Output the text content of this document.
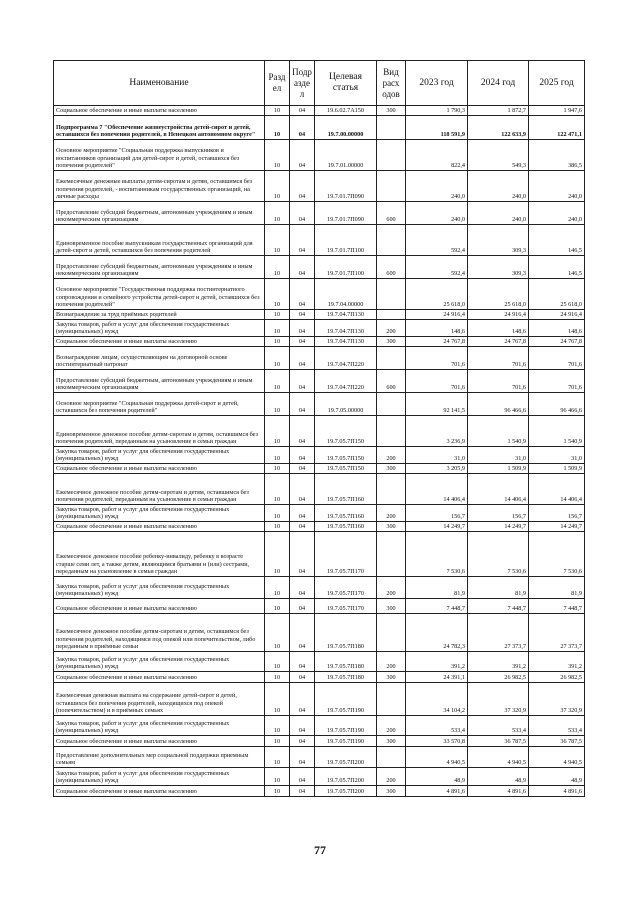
Наименование	Разд ел	Подр азде л	Целевая статья	Вид расх одов	2023 год	2024 год	2025 год
Социальное обеспечение и иные выплаты населению	10	04	19.6.02.7A150	300	1 790,3	1 872,7	1 947,6
Подпрограмма 7 "Обеспечение жизнеустройства детей-сирот и детей, оставшихся без попечения родителей, в Ненецком автономном округе"	10	04	19.7.00.00000		118 591,9	122 633,9	122 471,1
Основное мероприятие "Социальная поддержка выпускников и воспитанников организаций для детей-сирот и детей, оставшихся без попечения родителей"	10	04	19.7.01.00000		822,4	549,3	386,5
Ежемесячные денежные выплаты детям-сиротам и детям, оставшимся без попечения родителей, - воспитанникам государственных организаций, на личные расходы	10	04	19.7.01.7П090		240,0	240,0	240,0
Предоставление субсидий бюджетным, автономным учреждениям и иным некоммерческим организациям	10	04	19.7.01.7П090	600	240,0	240,0	240,0
Единовременное пособие выпускникам государственных организаций для детей-сирот и детей, оставшихся без попечения родителей	10	04	19.7.01.7П100		592,4	309,3	146,5
Предоставление субсидий бюджетным, автономным учреждениям и иным некоммерческим организациям	10	04	19.7.01.7П100	600	592,4	309,3	146,5
Основное мероприятие "Государственная поддержка постинтернатного сопровождения и семейного устройства детей-сирот и детей, оставшихся без попечения родителей"	10	04	19.7.04.00000		25 618,0	25 618,0	25 618,0
Вознаграждение за труд приёмных родителей	10	04	19.7.04.7П130		24 916,4	24 916,4	24 916,4
Закупка товаров, работ и услуг для обеспечения государственных (муниципальных) нужд	10	04	19.7.04.7П130	200	148,6	148,6	148,6
Социальное обеспечение и иные выплаты населению	10	04	19.7.04.7П130	300	24 767,8	24 767,8	24 767,8
Вознаграждение лицам, осуществляющим на договорной основе постинтернатный патронат	10	04	19.7.04.7П220		701,6	701,6	701,6
Предоставление субсидий бюджетным, автономным учреждениям и иным некоммерческим организациям	10	04	19.7.04.7П220	600	701,6	701,6	701,6
Основное мероприятие "Социальная поддержка детей-сирот и детей, оставшихся без попечения родителей"	10	04	19.7.05.00000		92 141,5	96 466,6	96 466,6
Единовременное денежное пособие детям-сиротам и детям, оставшимся без попечения родителей, переданным на усыновление в семьи граждан	10	04	19.7.05.7П150		3 236,9	1 540,9	1 540,9
Закупка товаров, работ и услуг для обеспечения государственных (муниципальных) нужд	10	04	19.7.05.7П150	200	31,0	31,0	31,0
Социальное обеспечение и иные выплаты населению	10	04	19.7.05.7П150	300	3 205,9	1 509,9	1 509,9
Ежемесячное денежное пособие детям-сиротам и детям, оставшимся без попечения родителей, переданным на усыновление в семьи граждан	10	04	19.7.05.7П160		14 406,4	14 406,4	14 406,4
Закупка товаров, работ и услуг для обеспечения государственных (муниципальных) нужд	10	04	19.7.05.7П160	200	156,7	156,7	156,7
Социальное обеспечение и иные выплаты населению	10	04	19.7.05.7П160	300	14 249,7	14 249,7	14 249,7
Ежемесячное денежное пособие ребенку-инвалиду, ребенку в возрасте старше семи лет, а также детям, являющимся братьями и (или) сестрами, переданным на усыновление в семьи граждан	10	04	19.7.05.7П170		7 530,6	7 530,6	7 530,6
Закупка товаров, работ и услуг для обеспечения государственных (муниципальных) нужд	10	04	19.7.05.7П170	200	81,9	81,9	81,9
Социальное обеспечение и иные выплаты населению	10	04	19.7.05.7П170	300	7 448,7	7 448,7	7 448,7
Ежемесячное денежное пособие детям-сиротам и детям, оставшимся без попечения родителей, находящимся под опекой или попечительством, либо переданным в приёмные семьи	10	04	19.7.05.7П180		24 782,3	27 373,7	27 373,7
Закупка товаров, работ и услуг для обеспечения государственных (муниципальных) нужд	10	04	19.7.05.7П180	200	391,2	391,2	391,2
Социальное обеспечение и иные выплаты населению	10	04	19.7.05.7П180	300	24 391,1	26 982,5	26 982,5
Ежемесячная денежная выплата на содержание детей-сирот и детей, оставшихся без попечения родителей, находящихся под опекой (попечительством) и в приёмных семьях	10	04	19.7.05.7П190		34 104,2	37 320,9	37 320,9
Закупка товаров, работ и услуг для обеспечения государственных (муниципальных) нужд	10	04	19.7.05.7П190	200	533,4	533,4	533,4
Социальное обеспечение и иные выплаты населению	10	04	19.7.05.7П190	300	33 570,8	36 787,5	36 787,5
Предоставление дополнительных мер социальной поддержки приемным семьям	10	04	19.7.05.7П200		4 940,5	4 940,5	4 940,5
Закупка товаров, работ и услуг для обеспечения государственных (муниципальных) нужд	10	04	19.7.05.7П200	200	48,9	48,9	48,9
Социальное обеспечение и иные выплаты населению	10	04	19.7.05.7П200	300	4 891,6	4 891,6	4 891,6
77
